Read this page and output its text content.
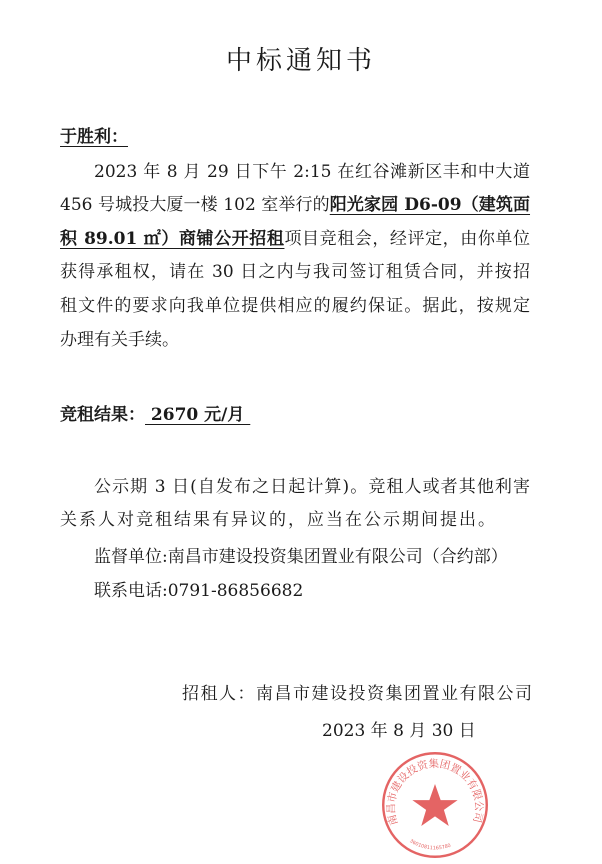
中标通知书
于胜利：
2023 年 8 月 29 日下午 2:15 在红谷滩新区丰和中大道
456 号城投大厦一楼 102 室举行的阳光家园 D6-09（建筑面
积 89.01 ㎡）商铺公开招租项目竞租会，经评定，由你单位
获得承租权，请在 30 日之内与我司签订租赁合同，并按招
租文件的要求向我单位提供相应的履约保证。据此，按规定
办理有关手续。
竞租结果： 2670 元/月
公示期 3 日(自发布之日起计算)。竞租人或者其他利害
关系人对竞租结果有异议的，应当在公示期间提出。
监督单位:南昌市建设投资集团置业有限公司（合约部）
联系电话:0791-86856682
招租人：南昌市建设投资集团置业有限公司
2023 年 8 月 30 日
南昌市建设投资集团置业有限公司
36010811165780
